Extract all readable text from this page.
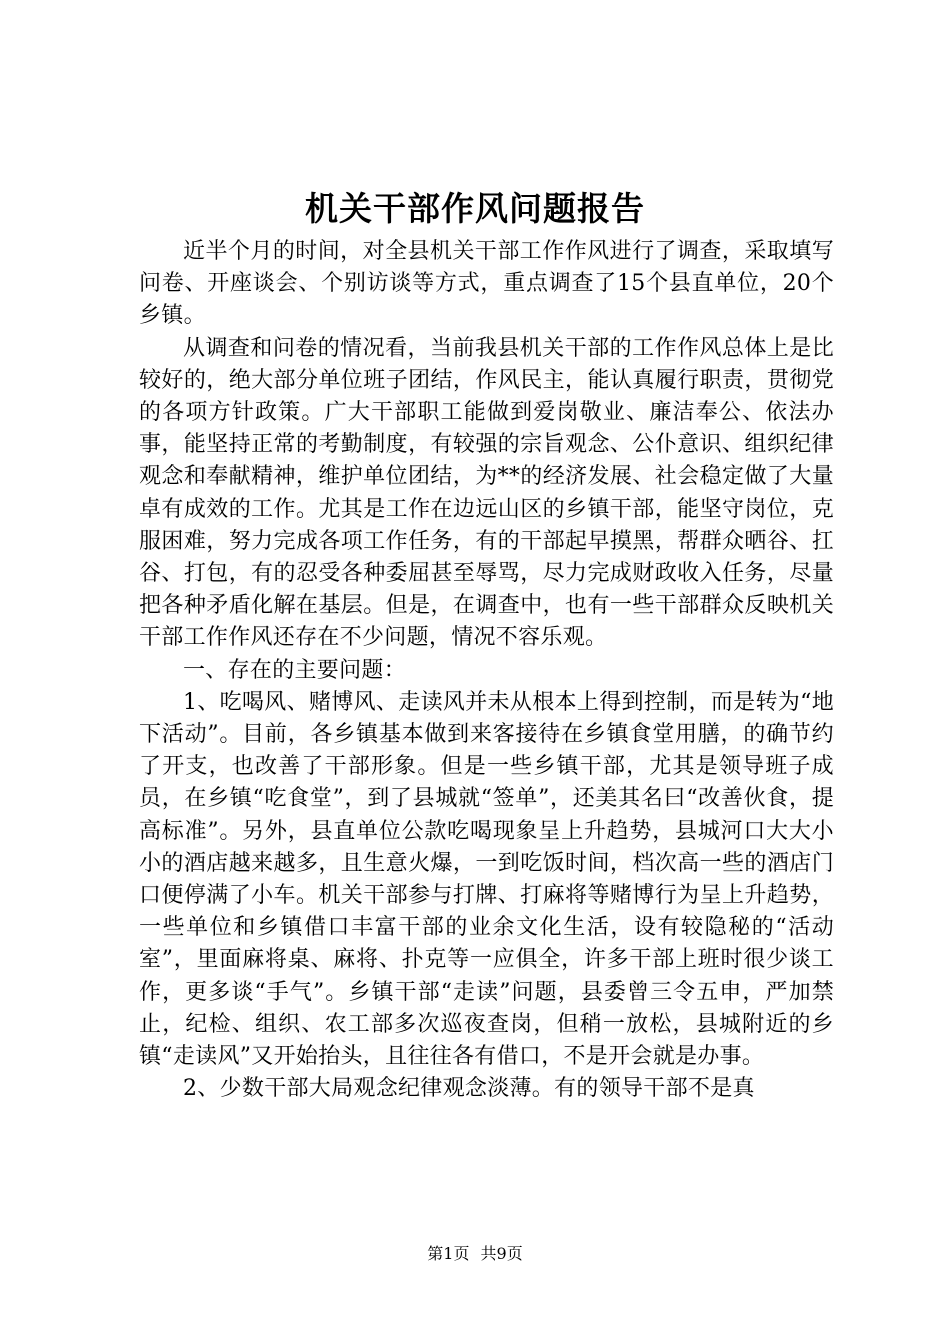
机关干部作风问题报告

近半个月的时间，对全县机关干部工作作风进行了调查，采取填写问卷、开座谈会、个别访谈等方式，重点调查了15个县直单位，20个乡镇。

从调查和问卷的情况看，当前我县机关干部的工作作风总体上是比较好的，绝大部分单位班子团结，作风民主，能认真履行职责，贯彻党的各项方针政策。广大干部职工能做到爱岗敬业、廉洁奉公、依法办事，能坚持正常的考勤制度，有较强的宗旨观念、公仆意识、组织纪律观念和奉献精神，维护单位团结，为**的经济发展、社会稳定做了大量卓有成效的工作。尤其是工作在边远山区的乡镇干部，能坚守岗位，克服困难，努力完成各项工作任务，有的干部起早摸黑，帮群众晒谷、扛谷、打包，有的忍受各种委屈甚至辱骂，尽力完成财政收入任务，尽量把各种矛盾化解在基层。但是，在调查中，也有一些干部群众反映机关干部工作作风还存在不少问题，情况不容乐观。

一、存在的主要问题：

1、吃喝风、赌博风、走读风并未从根本上得到控制，而是转为“地下活动”。目前，各乡镇基本做到来客接待在乡镇食堂用膳，的确节约了开支，也改善了干部形象。但是一些乡镇干部，尤其是领导班子成员，在乡镇“吃食堂”，到了县城就“签单”，还美其名曰“改善伙食，提高标准”。另外，县直单位公款吃喝现象呈上升趋势，县城河口大大小小的酒店越来越多，且生意火爆，一到吃饭时间，档次高一些的酒店门口便停满了小车。机关干部参与打牌、打麻将等赌博行为呈上升趋势，一些单位和乡镇借口丰富干部的业余文化生活，设有较隐秘的“活动室”，里面麻将桌、麻将、扑克等一应俱全，许多干部上班时很少谈工作，更多谈“手气”。乡镇干部“走读”问题，县委曾三令五申，严加禁止，纪检、组织、农工部多次巡夜查岗，但稍一放松，县城附近的乡镇“走读风”又开始抬头，且往往各有借口，不是开会就是办事。

2、少数干部大局观念纪律观念淡薄。有的领导干部不是真

第1页 共9页
